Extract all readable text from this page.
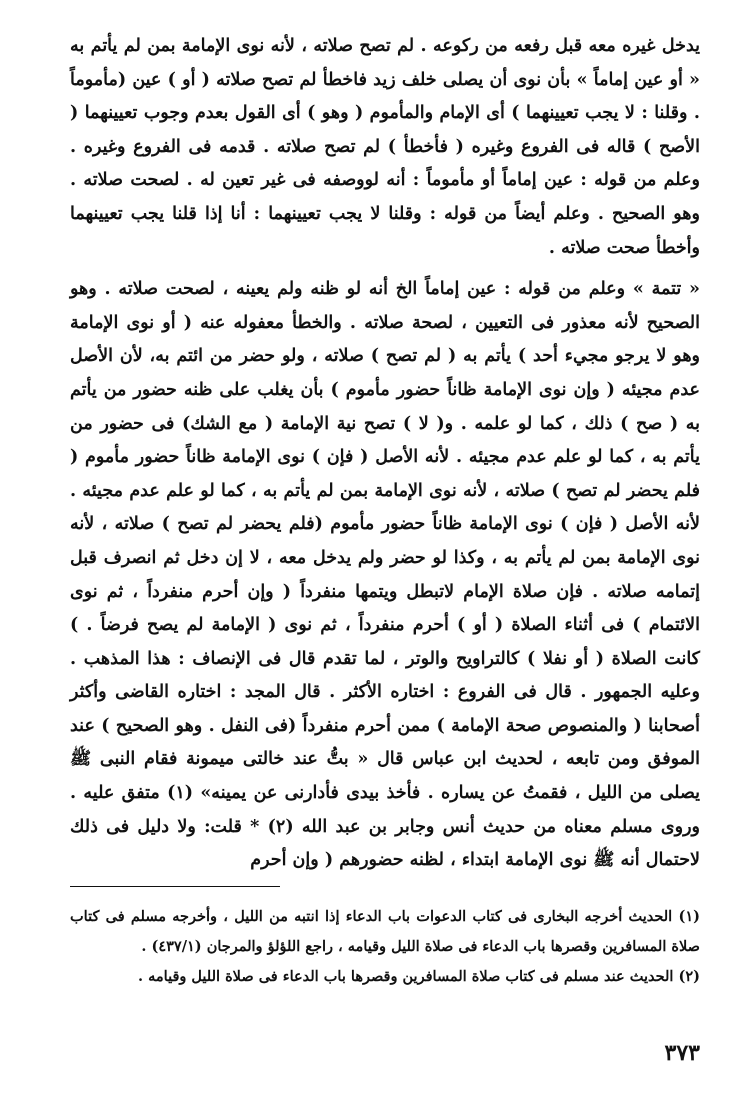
يدخل غيره معه قبل رفعه من ركوعه . لم تصح صلاته ، لأنه نوى الإمامة بمن لم يأتم به « أو عين إماماً » بأن نوى أن يصلى خلف زيد فاخطأ لم تصح صلاته ( أو ) عين (مأموماً . وقلنا : لا يجب تعيينهما ) أى الإمام والمأموم ( وهو ) أى القول بعدم وجوب تعيينهما ( الأصح ) قاله فى الفروع وغيره ( فأخطأ ) لم تصح صلاته . قدمه فى الفروع وغيره . وعلم من قوله : عين إماماً أو مأموماً : أنه لووصفه فى غير تعين له . لصحت صلاته . وهو الصحيح . وعلم أيضاً من قوله : وقلنا لا يجب تعيينهما : أنا إذا قلنا يجب تعيينهما وأخطأ صحت صلاته .

« تتمة » وعلم من قوله : عين إماماً الخ أنه لو ظنه ولم يعينه ، لصحت صلاته . وهو الصحيح لأنه معذور فى التعيين ، لصحة صلاته . والخطأ معفوله عنه ( أو نوى الإمامة وهو لا يرجو مجيء أحد ) يأتم به ( لم تصح ) صلاته ، ولو حضر من ائتم به، لأن الأصل عدم مجيئه ( وإن نوى الإمامة ظاناً حضور مأموم ) بأن يغلب على ظنه حضور من يأتم به ( صح ) ذلك ، كما لو علمه . و( لا ) تصح نية الإمامة ( مع الشك) فى حضور من يأتم به ، كما لو علم عدم مجيئه . لأنه الأصل ( فإن ) نوى الإمامة ظاناً حضور مأموم ( فلم يحضر لم تصح ) صلاته ، لأنه نوى الإمامة بمن لم يأتم به ، كما لو علم عدم مجيئه . لأنه الأصل ( فإن ) نوى الإمامة ظاناً حضور مأموم (فلم يحضر لم تصح ) صلاته ، لأنه نوى الإمامة بمن لم يأتم به ، وكذا لو حضر ولم يدخل معه ، لا إن دخل ثم انصرف قبل إتمامه صلاته . فإن صلاة الإمام لاتبطل ويتمها منفرداً ( وإن أحرم منفرداً ، ثم نوى الائتمام ) فى أثناء الصلاة ( أو ) أحرم منفرداً ، ثم نوى ( الإمامة لم يصح فرضاً . ) كانت الصلاة ( أو نفلا ) كالتراويح والوتر ، لما تقدم قال فى الإنصاف : هذا المذهب . وعليه الجمهور . قال فى الفروع : اختاره الأكثر . قال المجد : اختاره القاضى وأكثر أصحابنا ( والمنصوص صحة الإمامة ) ممن أحرم منفرداً (فى النفل . وهو الصحيح ) عند الموفق ومن تابعه ، لحديث ابن عباس قال « بتُّ عند خالتى ميمونة فقام النبى ﷺ يصلى من الليل ، فقمتُ عن يساره . فأخذ بيدى فأدارنى عن يمينه» (١) متفق عليه . وروى مسلم معناه من حديث أنس وجابر بن عبد الله (٢) * قلت: ولا دليل فى ذلك لاحتمال أنه ﷺ نوى الإمامة ابتداء ، لظنه حضورهم ( وإن أحرم

(١) الحديث أخرجه البخارى فى كتاب الدعوات باب الدعاء إذا انتبه من الليل ، وأخرجه مسلم فى كتاب صلاة المسافرين وقصرها باب الدعاء فى صلاة الليل وقيامه ، راجع اللؤلؤ والمرجان (٤٣٧/١) .

(٢) الحديث عند مسلم فى كتاب صلاة المسافرين وقصرها باب الدعاء فى صلاة الليل وقيامه .

٣٧٣
